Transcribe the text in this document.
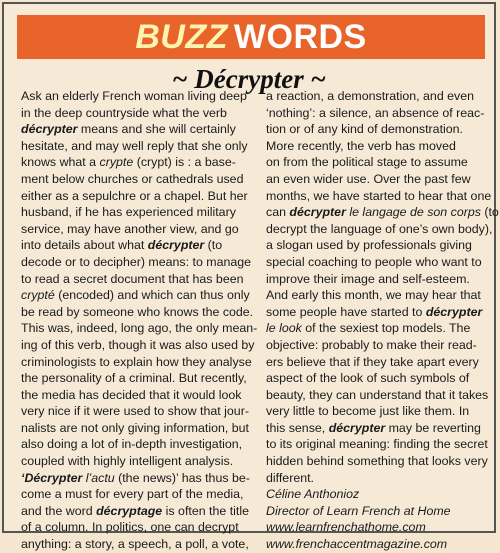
BUZZ WORDS
~ Décrypter ~
Ask an elderly French woman living deep
in the deep countryside what the verb
décrypter means and she will certainly
hesitate, and may well reply that she only
knows what a crypte (crypt) is : a base-
ment below churches or cathedrals used
either as a sepulchre or a chapel. But her
husband, if he has experienced military
service, may have another view, and go
into details about what décrypter (to
decode or to decipher) means: to manage
to read a secret document that has been
crypté (encoded) and which can thus only
be read by someone who knows the code.
This was, indeed, long ago, the only mean-
ing of this verb, though it was also used by
criminologists to explain how they analyse
the personality of a criminal. But recently,
the media has decided that it would look
very nice if it were used to show that jour-
nalists are not only giving information, but
also doing a lot of in-depth investigation,
coupled with highly intelligent analysis.
‘Décrypter l’actu (the news)’ has thus be-
come a must for every part of the media,
and the word décryptage is often the title
of a column. In politics, one can decrypt
anything: a story, a speech, a poll, a vote,
a reaction, a demonstration, and even
‘nothing’: a silence, an absence of reac-
tion or of any kind of demonstration.
More recently, the verb has moved
on from the political stage to assume
an even wider use. Over the past few
months, we have started to hear that one
can décrypter le langage de son corps (to
decrypt the language of one’s own body),
a slogan used by professionals giving
special coaching to people who want to
improve their image and self-esteem.
And early this month, we may hear that
some people have started to décrypter
le look of the sexiest top models. The
objective: probably to make their read-
ers believe that if they take apart every
aspect of the look of such symbols of
beauty, they can understand that it takes
very little to become just like them. In
this sense, décrypter may be reverting
to its original meaning: finding the secret
hidden behind something that looks very
different.
Céline Anthonioz
Director of Learn French at Home
www.learnfrenchathome.com
www.frenchaccentmagazine.com
